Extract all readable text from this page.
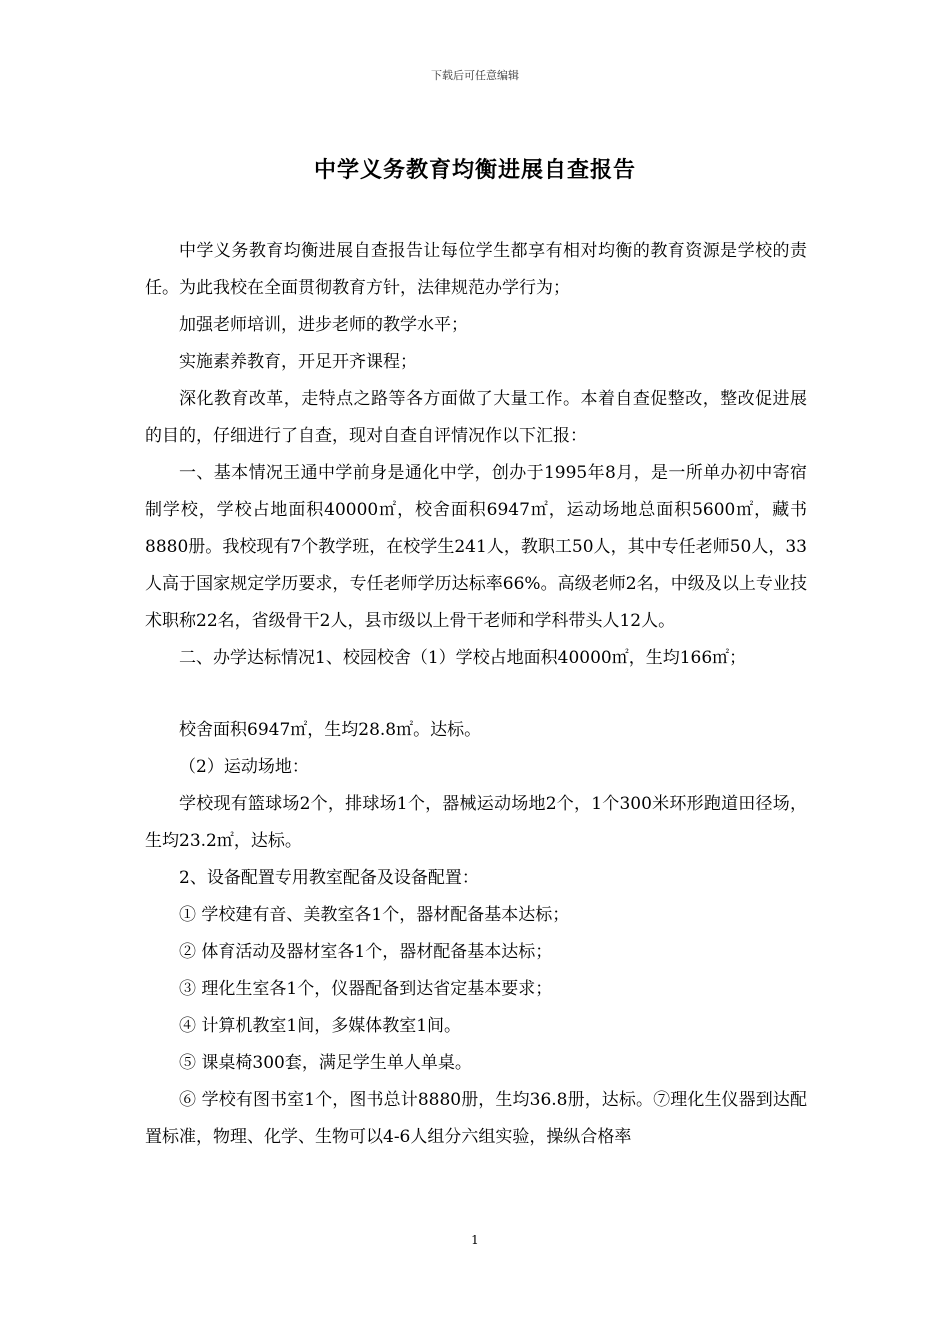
下载后可任意编辑
中学义务教育均衡进展自查报告

中学义务教育均衡进展自查报告让每位学生都享有相对均衡的教育资源是学校的责任。为此我校在全面贯彻教育方针，法律规范办学行为；

加强老师培训，进步老师的教学水平；

实施素养教育，开足开齐课程；

深化教育改革，走特点之路等各方面做了大量工作。本着自查促整改，整改促进展的目的，仔细进行了自查，现对自查自评情况作以下汇报：

一、基本情况王通中学前身是通化中学，创办于1995年8月，是一所单办初中寄宿制学校，学校占地面积40000㎡，校舍面积6947㎡，运动场地总面积5600㎡，藏书8880册。我校现有7个教学班，在校学生241人，教职工50人，其中专任老师50人，33人高于国家规定学历要求，专任老师学历达标率66%。高级老师2名，中级及以上专业技术职称22名，省级骨干2人，县市级以上骨干老师和学科带头人12人。

二、办学达标情况1、校园校舍（1）学校占地面积40000㎡，生均166㎡；

校舍面积6947㎡，生均28.8㎡。达标。

（2）运动场地：

学校现有篮球场2个，排球场1个，器械运动场地2个，1个300米环形跑道田径场，生均23.2㎡，达标。

2、设备配置专用教室配备及设备配置：

① 学校建有音、美教室各1个，器材配备基本达标；

② 体育活动及器材室各1个，器材配备基本达标；

③ 理化生室各1个，仪器配备到达省定基本要求；

④ 计算机教室1间，多媒体教室1间。

⑤ 课桌椅300套，满足学生单人单桌。

⑥ 学校有图书室1个，图书总计8880册，生均36.8册，达标。⑦理化生仪器到达配置标准，物理、化学、生物可以4-6人组分六组实验，操纵合格率

1
